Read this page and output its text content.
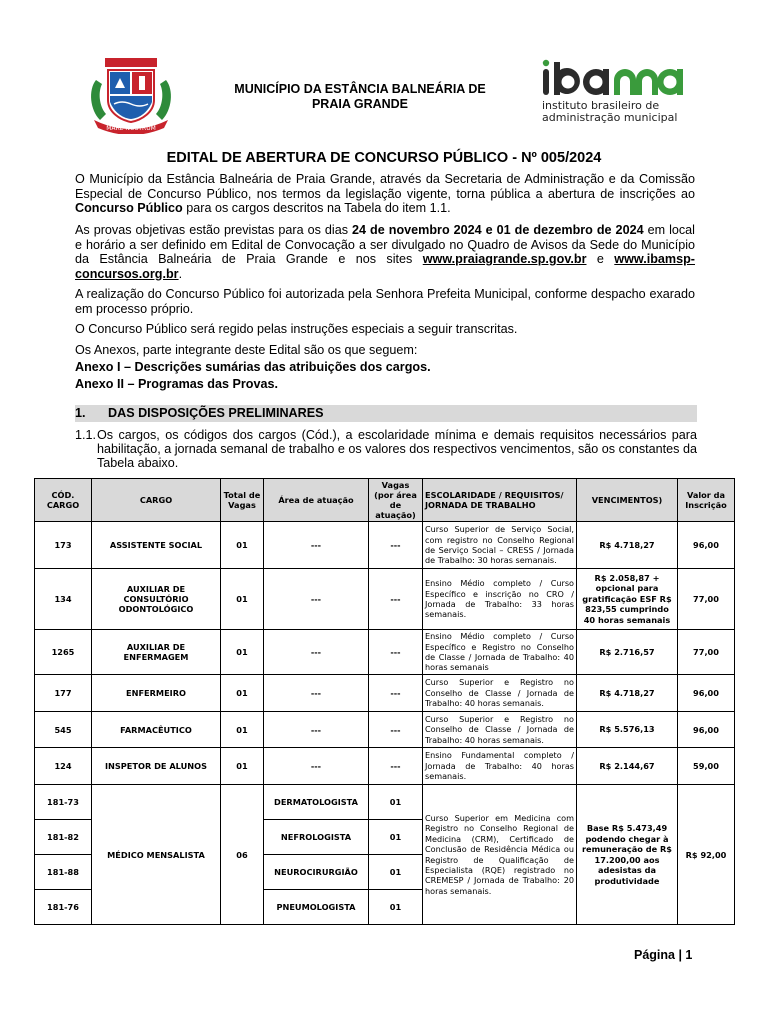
MARE NOSTRUM
MUNICÍPIO DA ESTÂNCIA BALNEÁRIA DE
PRAIA GRANDE	instituto brasileiro de
administração municipal
EDITAL DE ABERTURA DE CONCURSO PÚBLICO - Nº 005/2024
O Município da Estância Balneária de Praia Grande, através da Secretaria de Administração e da Comissão Especial de Concurso Público, nos termos da legislação vigente, torna pública a abertura de inscrições ao Concurso Público para os cargos descritos na Tabela do item 1.1.
As provas objetivas estão previstas para os dias 24 de novembro 2024 e 01 de dezembro de 2024 em local e horário a ser definido em Edital de Convocação a ser divulgado no Quadro de Avisos da Sede do Município da Estância Balneária de Praia Grande e nos sites www.praiagrande.sp.gov.br e www.ibamsp-concursos.org.br.
A realização do Concurso Público foi autorizada pela Senhora Prefeita Municipal, conforme despacho exarado em processo próprio.
O Concurso Público será regido pelas instruções especiais a seguir transcritas.
Os Anexos, parte integrante deste Edital são os que seguem:
Anexo I – Descrições sumárias das atribuições dos cargos.
Anexo II – Programas das Provas.
1. DAS DISPOSIÇÕES PRELIMINARES
1.1. Os cargos, os códigos dos cargos (Cód.), a escolaridade mínima e demais requisitos necessários para habilitação, a jornada semanal de trabalho e os valores dos respectivos vencimentos, são os constantes da Tabela abaixo.
CÓD. CARGO	CARGO	Total de Vagas	Área de atuação	Vagas (por área de atuação)	ESCOLARIDADE / REQUISITOS/ JORNADA DE TRABALHO	VENCIMENTOS)	Valor da Inscrição
173	ASSISTENTE SOCIAL	01	---	---	Curso Superior de Serviço Social, com registro no Conselho Regional de Serviço Social – CRESS / Jornada de Trabalho: 30 horas semanais.	R$ 4.718,27	96,00
134	AUXILIAR DE CONSULTÓRIO ODONTOLÓGICO	01	---	---	Ensino Médio completo / Curso Específico e inscrição no CRO / Jornada de Trabalho: 33 horas semanais.	R$ 2.058,87 + opcional para gratificação ESF R$ 823,55 cumprindo 40 horas semanais	77,00
1265	AUXILIAR DE ENFERMAGEM	01	---	---	Ensino Médio completo / Curso Específico e Registro no Conselho de Classe / Jornada de Trabalho: 40 horas semanais	R$ 2.716,57	77,00
177	ENFERMEIRO	01	---	---	Curso Superior e Registro no Conselho de Classe / Jornada de Trabalho: 40 horas semanais.	R$ 4.718,27	96,00
545	FARMACÊUTICO	01	---	---	Curso Superior e Registro no Conselho de Classe / Jornada de Trabalho: 40 horas semanais.	R$ 5.576,13	96,00
124	INSPETOR DE ALUNOS	01	---	---	Ensino Fundamental completo / Jornada de Trabalho: 40 horas semanais.	R$ 2.144,67	59,00
181-73	MÉDICO MENSALISTA	06	DERMATOLOGISTA	01	Curso Superior em Medicina com Registro no Conselho Regional de Medicina (CRM), Certificado de Conclusão de Residência Médica ou Registro de Qualificação de Especialista (RQE) registrado no CREMESP / Jornada de Trabalho: 20 horas semanais.	Base R$ 5.473,49 podendo chegar à remuneração de R$ 17.200,00 aos adesistas da produtividade	R$ 92,00
181-82			NEFROLOGISTA	01			
181-88			NEUROCIRURGIÃO	01			
181-76			PNEUMOLOGISTA	01			
Página | 1
